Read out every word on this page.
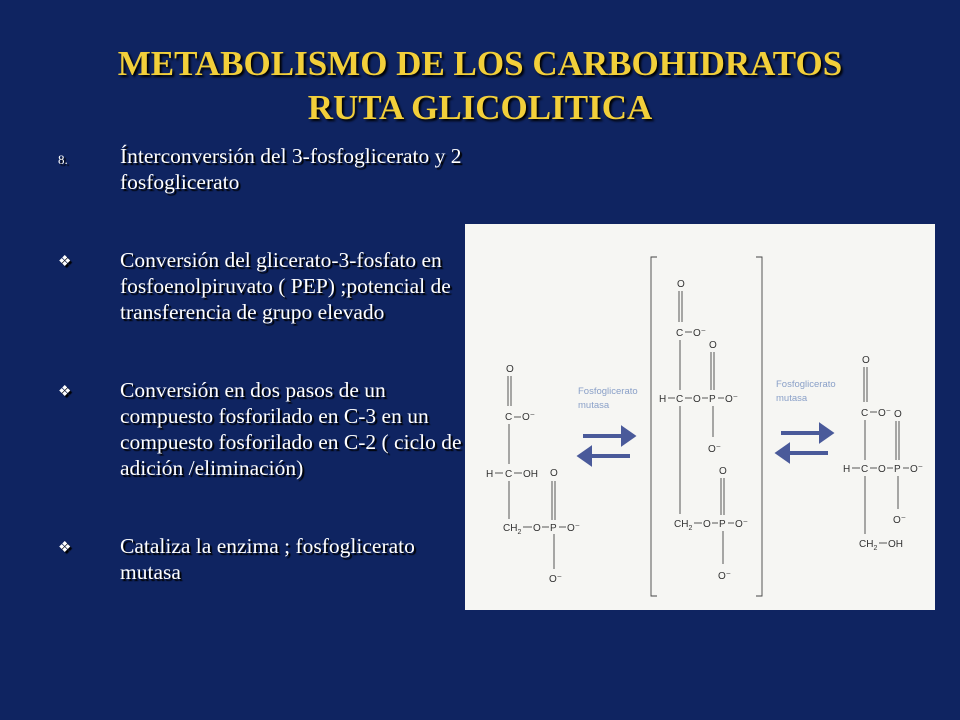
METABOLISMO DE LOS CARBOHIDRATOS
RUTA GLICOLITICA
8. Ínterconversión del 3-fosfoglicerato y 2 fosfoglicerato
❖ Conversión del glicerato-3-fosfato en fosfoenolpiruvato ( PEP) ;potencial de transferencia de grupo elevado
❖ Conversión en dos pasos de un compuesto fosforilado en C-3 en un compuesto fosforilado en C-2 ( ciclo de adición /eliminación)
❖ Cataliza la enzima ; fosfoglicerato mutasa
O
C O⁻
H C OH
$CH_2$ O P O⁻
O
O⁻
Fosfoglicerato
mutasa
O
C O⁻
H C O P O⁻
O
O⁻
$CH_2$ O P O⁻
O
O⁻
Fosfoglicerato
mutasa
O
C O⁻
H C O P O⁻
O
O⁻
$CH_2$ OH
